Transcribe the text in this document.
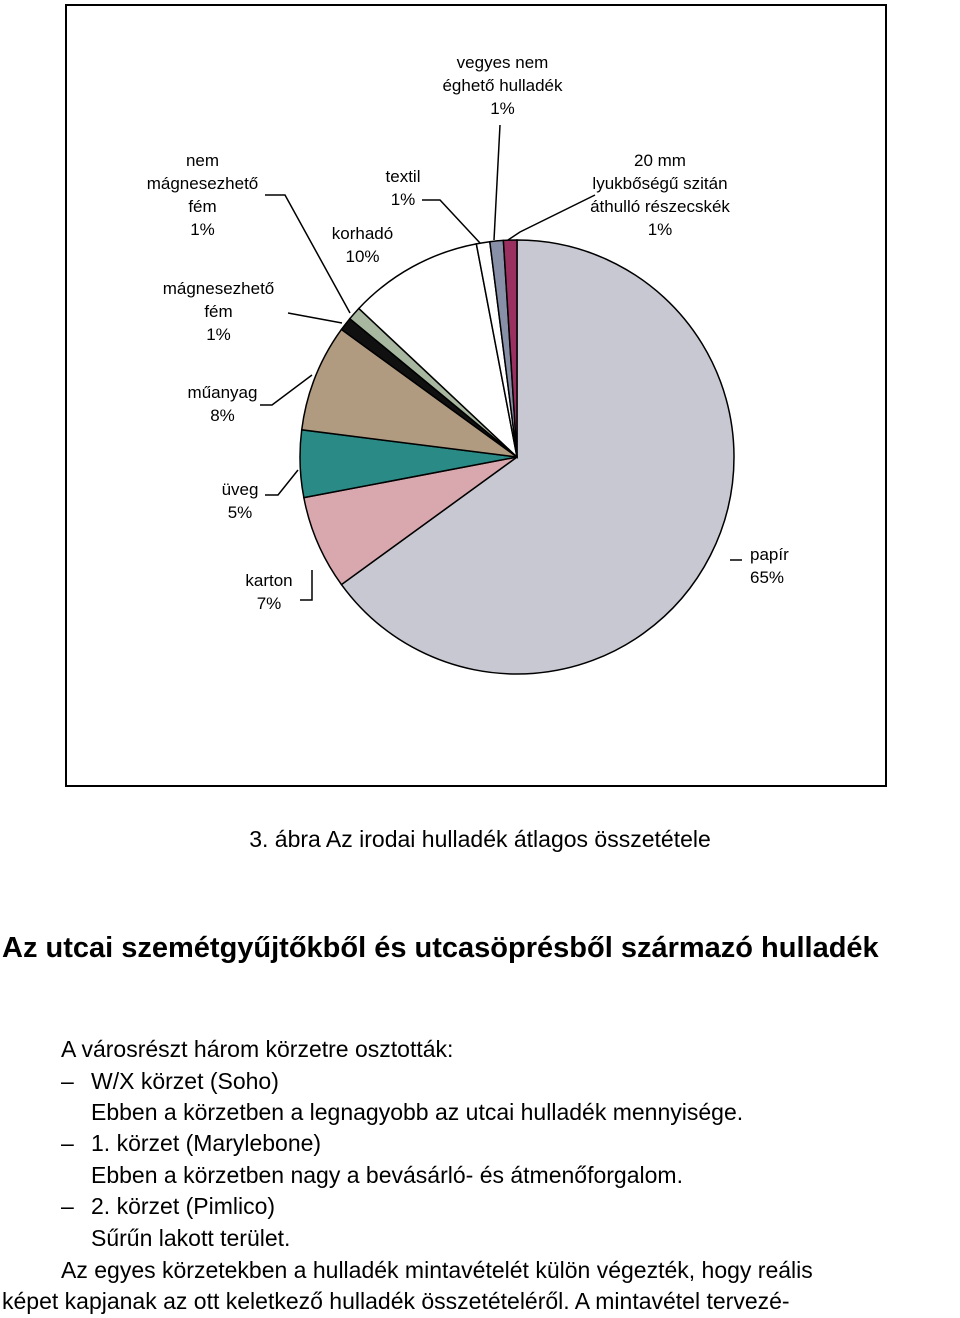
papír
65%
karton
7%
üveg
5%
műanyag
8%
mágnesezhető
fém
1%
nem
mágnesezhető
fém
1%	korhadó
10%
textil
1%
vegyes nem
éghető hulladék
1%
20 mm
lyukbőségű szitán
áthulló részecskék
1%
3. ábra Az irodai hulladék átlagos összetétele
Az utcai szemétgyűjtőkből és utcasöprésből származó hulladék
A városrészt három körzetre osztották:
– W/X körzet (Soho)
Ebben a körzetben a legnagyobb az utcai hulladék mennyisége.
– 1. körzet (Marylebone)
Ebben a körzetben nagy a bevásárló- és átmenőforgalom.
– 2. körzet (Pimlico)
Sűrűn lakott terület.
Az egyes körzetekben a hulladék mintavételét külön végezték, hogy reális
képet kapjanak az ott keletkező hulladék összetételéről. A mintavétel tervezé-
